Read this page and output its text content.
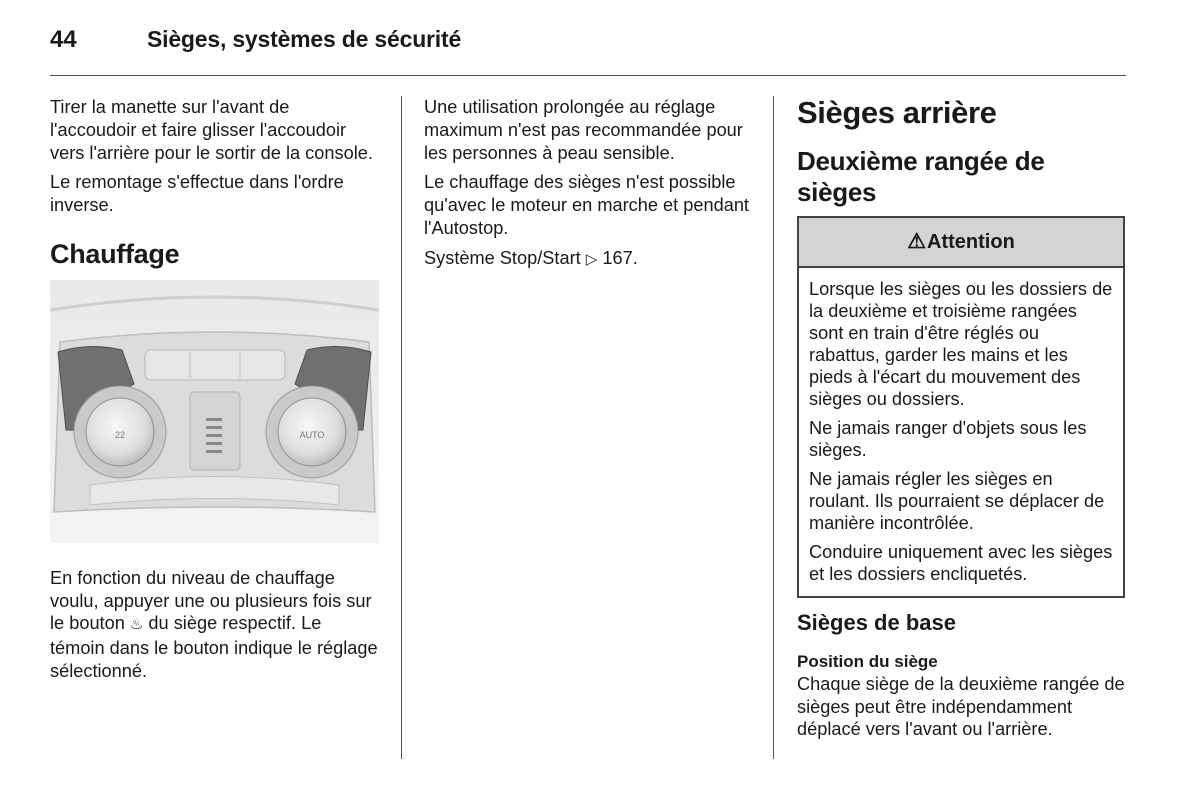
44	Sièges, systèmes de sécurité

Tirer la manette sur l'avant de l'accoudoir et faire glisser l'accoudoir vers l'arrière pour le sortir de la console.

Le remontage s'effectue dans l'ordre inverse.

Chauffage
22	AUTO

En fonction du niveau de chauffage voulu, appuyer une ou plusieurs fois sur le bouton ♨ du siège respectif. Le témoin dans le bouton indique le réglage sélectionné.

Une utilisation prolongée au réglage maximum n'est pas recommandée pour les personnes à peau sensible.

Le chauffage des sièges n'est possible qu'avec le moteur en marche et pendant l'Autostop.

Système Stop/Start ▷ 167.

Sièges arrière
Deuxième rangée de sièges
⚠ Attention

Lorsque les sièges ou les dossiers de la deuxième et troisième rangées sont en train d'être réglés ou rabattus, garder les mains et les pieds à l'écart du mouvement des sièges ou dossiers.

Ne jamais ranger d'objets sous les sièges.

Ne jamais régler les sièges en roulant. Ils pourraient se déplacer de manière incontrôlée.

Conduire uniquement avec les sièges et les dossiers encliquetés.

Sièges de base
Position du siège

Chaque siège de la deuxième rangée de sièges peut être indépendamment déplacé vers l'avant ou l'arrière.
